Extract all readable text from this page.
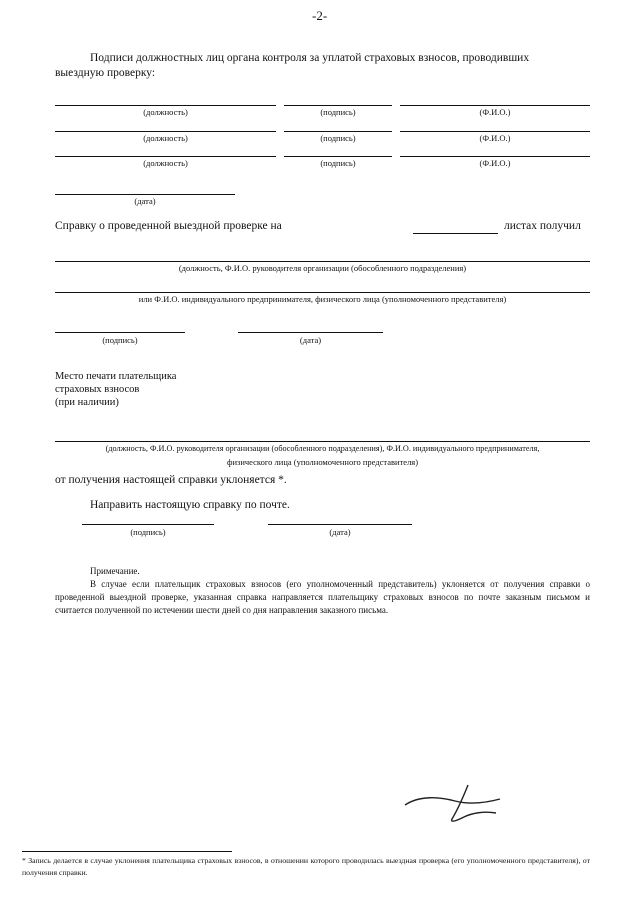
-2-
Подписи должностных лиц органа контроля за уплатой страховых взносов, проводивших
выездную проверку:
(должность)	(подпись)	(Ф.И.О.)
(должность)	(подпись)	(Ф.И.О.)
(должность)	(подпись)	(Ф.И.О.)
(дата)
Справку о проведенной выездной проверке на	листах получил
(должность, Ф.И.О. руководителя организации (обособленного подразделения)
или Ф.И.О. индивидуального предпринимателя, физического лица (уполномоченного представителя)
(подпись)	(дата)
Место печати плательщика
страховых взносов
(при наличии)
(должность, Ф.И.О. руководителя организации (обособленного подразделения), Ф.И.О. индивидуального предпринимателя,
физического лица (уполномоченного представителя)
от получения настоящей справки уклоняется *.
Направить настоящую справку по почте.
(подпись)	(дата)
Примечание.
В случае если плательщик страховых взносов (его уполномоченный представитель) уклоняется от получения справки о проведенной выездной проверке, указанная справка направляется плательщику страховых взносов по почте заказным письмом и считается полученной по истечении шести дней со дня направления заказного письма.
* Запись делается в случае уклонения плательщика страховых взносов, в отношении которого проводилась выездная проверка (его уполномоченного представителя), от получения справки.
